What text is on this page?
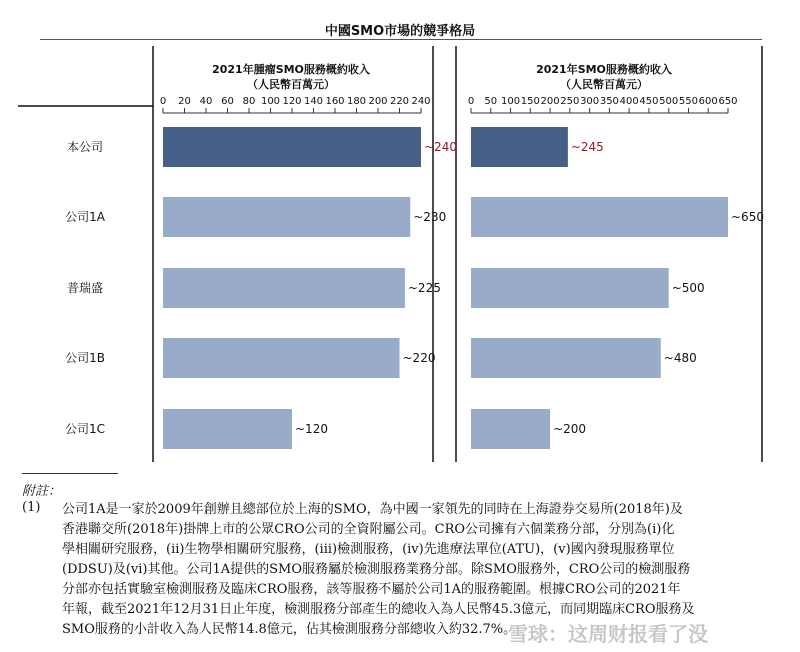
中國SMO市場的競爭格局
本公司
公司1A
普瑞盛
公司1B
公司1C
2021年腫瘤SMO服務概約收入
（人民幣百萬元）
0 20 40 60 80 100 120 140 160 180 200 220 240
~240
~230
~225
~220
~120
2021年SMO服務概約收入
（人民幣百萬元）
0 50 100 150 200 250 300 350 400 450 500 550 600 650
~245
~650
~500
~480
~200
附註：
(1) 公司1A是一家於2009年創辦且總部位於上海的SMO，為中國一家領先的同時在上海證券交易所(2018年)及
香港聯交所(2018年)掛牌上市的公眾CRO公司的全資附屬公司。CRO公司擁有六個業務分部，分別為(i)化
學相關研究服務，(ii)生物學相關研究服務，(iii)檢測服務，(iv)先進療法單位(ATU)，(v)國內發現服務單位
(DDSU)及(vi)其他。公司1A提供的SMO服務屬於檢測服務業務分部。除SMO服務外，CRO公司的檢測服務
分部亦包括實驗室檢測服務及臨床CRO服務，該等服務不屬於公司1A的服務範圍。根據CRO公司的2021年
年報，截至2021年12月31日止年度，檢測服務分部產生的總收入為人民幣45.3億元，而同期臨床CRO服務及
SMO服務的小計收入為人民幣14.8億元，佔其檢測服務分部總收入約32.7%。
雪球：这周财报看了没
